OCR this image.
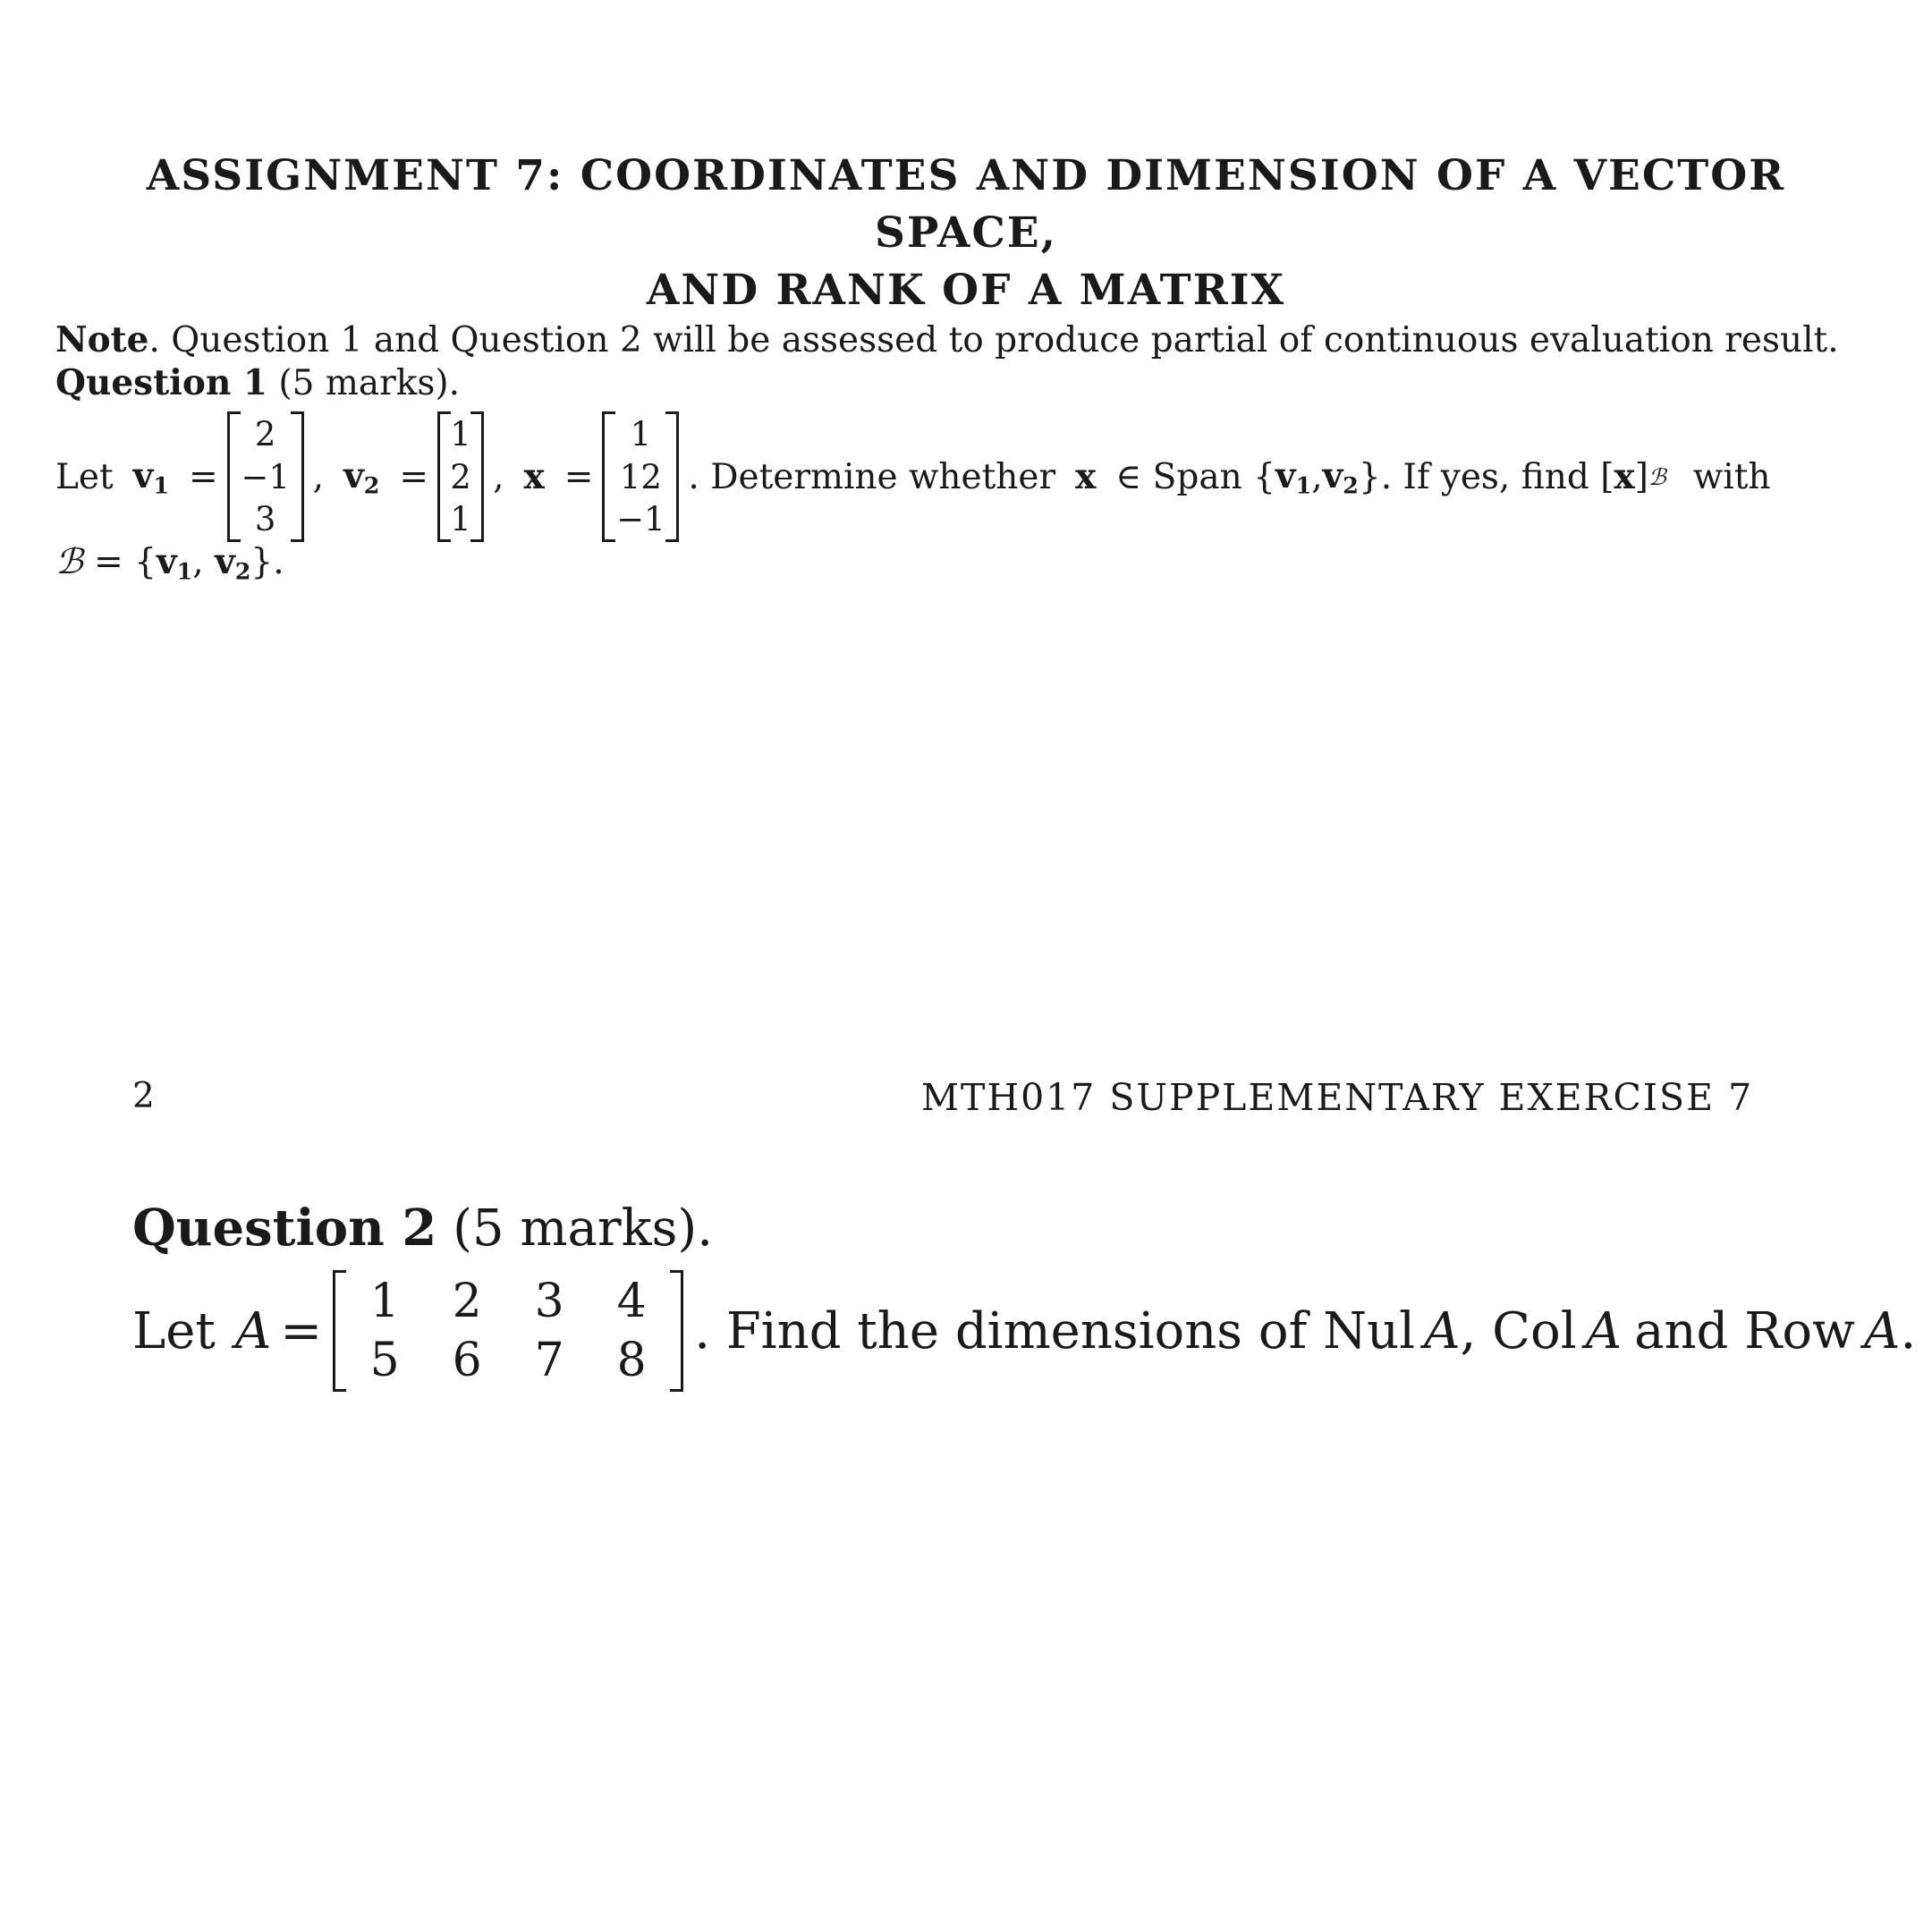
ASSIGNMENT 7: COORDINATES AND DIMENSION OF A VECTOR SPACE,
AND RANK OF A MATRIX
Note. Question 1 and Question 2 will be assessed to produce partial of continuous evaluation result.
Question 1 (5 marks).
Let $v_1$ =
2
−1
3
, $v_2$ =
1
2
1
, x =
1
12
−1
. Determine whether x ∈ Span { $v_1$ , $v_2$ }. If yes, find [ x ] ℬ with
ℬ = {$v_1$, $v_2$}.
2	MTH017 SUPPLEMENTARY EXERCISE 7
Question 2 (5 marks).
Let A =
1	2	3	4
5	6	7	8
. Find the dimensions of Nul A , Col A and Row A .
